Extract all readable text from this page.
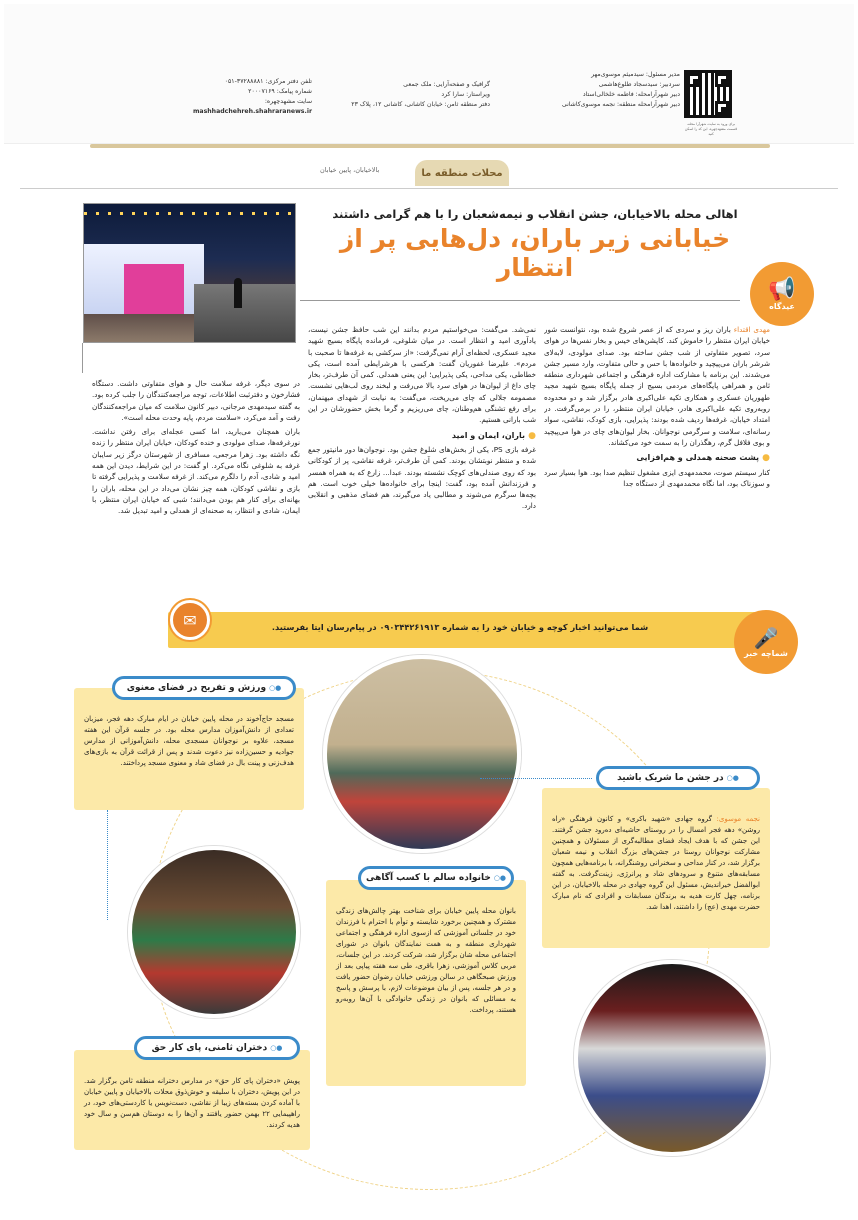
برای ورود به سایت شهرآرا محله، قسمت مشهد‌چهره، این کد را اسکن کنید
مدیر مسئول: سیدمیثم موسوی‌مهر
سردبیر: سیدسجاد طلوع‌هاشمی
دبیر شهرآرامحله: فاطمه خلخالی‌استاد
دبیر شهرآرامحله منطقه: نجمه موسوی‌کاشانی
گرافیک و صفحه‌آرایی: ملک جمعی
ویراستار: سارا کرد
دفتر منطقه ثامن: خیابان کاشانی، کاشانی ۱۲، پلاک ۲۳
تلفن دفتر مرکزی: ۳۷۲۸۸۸۸۱-۰۵۱
شماره پیامک: ۲۰۰۰۷۱۶۹
سایت مشهد‌چهره:
mashhadchehreh.shahraranews.ir
محلات منطقه ما
بالاخیابان، پایین خیابان
اهالی محله بالاخیابان، جشن انقلاب و نیمه‌شعبان را با هم گرامی داشتند
خیابانی زیر باران، دل‌هایی پر از انتظار
📢
عیدگاه
مهدی اقتداء باران ریز و سردی که از عصر شروع شده بود، نتوانست شور خیابان ایران منتظر را خاموش کند. کاپشن‌های خیس و بخار نفس‌ها در هوای سرد، تصویر متفاوتی از شب جشن ساخته بود. صدای مولودی، لابه‌لای شرشر باران می‌پیچید و خانواده‌ها با حس و حالی متفاوت، وارد مسیر جشن می‌شدند. این برنامه با مشارکت اداره فرهنگی و اجتماعی شهرداری منطقه ثامن و همراهی پایگاه‌های مردمی بسیج از جمله پایگاه بسیج شهید مجید طهوریان عسکری و همکاری تکیه علی‌اکبری هادر برگزار شد و دو محدوده روبه‌روی تکیه علی‌اکبری هادر، خیابان ایران منتظر، را در برمی‌گرفت. در امتداد خیابان، غرفه‌ها ردیف شده بودند: پذیرایی، بازی کودک، نقاشی، سواد رسانه‌ای، سلامت و سرگرمی نوجوانان. بخار لیوان‌های چای در هوا می‌پیچید و بوی فلافل گرم، رهگذران را به سمت خود می‌کشاند.
● پشت صحنه همدلی و هم‌افزایی
کنار سیستم صوت، محمدمهدی ایزی مشغول تنظیم صدا بود. هوا بسیار سرد و سوزناک بود، اما نگاه محمدمهدی از دستگاه جدا
نمی‌شد. می‌گفت: می‌خواستیم مردم بدانند این شب حافظ جشن نیست، یادآوری امید و انتظار است. در میان شلوغی، فرمانده پایگاه بسیج شهید مجید عسکری، لحظه‌ای آرام نمی‌گرفت: «از سرکشی به غرفه‌ها تا صحبت با مردم». علیرضا غفوریان گفت: هرکسی با هرشرایطی آمده است، یکی خطاطی، یکی مداحی، یکی پذیرایی؛ این یعنی همدلی. کمی آن طرف‌تر، بخار چای داغ از لیوان‌ها در هوای سرد بالا می‌رفت و لبخند روی لب‌هایی نشست. مصمومه جلالی که چای می‌ریخت، می‌گفت: به نیابت از شهدای میهنمان، برای رفع تشنگی هم‌وطنان، چای می‌ریزیم و گرما بخش حضورشان در این شب بارانی هستیم.
● باران، ایمان و امید
غرفه بازی PS، یکی از بخش‌های شلوغ جشن بود. نوجوان‌ها دور مانیتور جمع شده و منتظر نوبتشان بودند. کمی آن طرف‌تر، غرفه نقاشی، پر از کودکانی بود که روی صندلی‌های کوچک نشسته بودند. عبدا... زارع که به همراه همسر و فرزندانش آمده بود، گفت: اینجا برای خانواده‌ها خیلی خوب است. هم بچه‌ها سرگرم می‌شوند و مطالبی یاد می‌گیرند، هم فضای مذهبی و انقلابی دارد.
در سوی دیگر، غرفه سلامت حال و هوای متفاوتی داشت. دستگاه فشارخون و دفترثبت اطلاعات، توجه مراجعه‌کنندگان را جلب کرده بود. به گفته سیدمهدی مرجانی، دبیر کانون سلامت که میان مراجعه‌کنندگان رفت و آمد می‌کرد، «سلامت مردم، پایه وحدت محله است».
باران همچنان می‌بارید، اما کسی عجله‌ای برای رفتن نداشت. نورغرفه‌ها، صدای مولودی و خنده کودکان، خیابان ایران منتظر را زنده نگه داشته بود. زهرا مرجعی، مسافری از شهرستان درگز زیر سایبان غرفه به شلوغی نگاه می‌کرد. او گفت: در این شرایط، دیدن این همه امید و شادی، آدم را دلگرم می‌کند. از غرفه سلامت و پذیرایی گرفته تا بازی و نقاشی کودکان، همه چیز نشان می‌داد در این محله، باران را بهانه‌ای برای کنار هم بودن می‌دانند؛ شبی که خیابان ایران منتظر، با ایمان، شادی و انتظار، به صحنه‌ای از همدلی و امید تبدیل شد.
شما می‌توانید اخبار کوچه و خیابان خود را به شماره ۰۹۰۳۴۴۲۶۱۹۱۳ در پیام‌رسان ایتا بفرستید.
✉
🎤
شماچه خبر
مسجد حاج‌آخوند در محله پایین خیابان در ایام مبارک دهه فجر، میزبان تعدادی از دانش‌آموزان مدارس محله بود. در جلسه قرآن این هفته مسجد، علاوه بر نوجوانان مسجدی محله، دانش‌آموزانی از مدارس جوادیه و حسین‌زاده نیز دعوت شدند و پس از قرائت قرآن به بازی‌های هدف‌زنی و پینت بال در فضای شاد و معنوی مسجد پرداختند.
●○ ورزش و تفریح در فضای معنوی
بانوان محله پایین خیابان برای شناخت بهتر چالش‌های زندگی مشترک و همچنین برخورد شایسته و توأم با احترام با فرزندان خود در جلساتی آموزشی که ازسوی اداره فرهنگی و اجتماعی شهرداری منطقه و به همت نمایندگان بانوان در شورای اجتماعی محله شان برگزار شد، شرکت کردند. در این جلسات، مربی کلاس آموزشی، زهرا باقری، طی سه هفته پیاپی بعد از ورزش صبحگاهی در سالن ورزشی خیابان رضوان حضور یافت و در هر جلسه، پس از بیان موضوعات لازم، با پرسش و پاسخ به مسائلی که بانوان در زندگی خانوادگی با آن‌ها روبه‌رو هستند، پرداخت.
●○ خانواده سالم با کسب آگاهی
پویش «دختران پای کار حق» در مدارس دخترانه منطقه ثامن برگزار شد. در این پویش، دختران با سلیقه و خوش‌ذوق محلات بالاخیابان و پایین خیابان با آماده کردن بسته‌های زیبا از نقاشی، دست‌نویس یا کاردستی‌های خود، در راهپیمایی ۲۲ بهمن حضور یافتند و آن‌ها را به دوستان هم‌سن و سال خود هدیه کردند.
●○ دختران ثامنی، پای کار حق
نجمه موسوی: گروه جهادی «شهید باکری» و کانون فرهنگی «راه روشن» دهه فجر امسال را در روستای حاشیه‌ای ده‌رود جشن گرفتند. این جشن که با هدف ایجاد فضای مطالبه‌گری از مسئولان و همچنین مشارکت نوجوانان روستا در جشن‌های بزرگ انقلاب و نیمه شعبان برگزار شد، در کنار مداحی و سخنرانی روشنگرانه، با برنامه‌هایی همچون مسابقه‌های متنوع و سرودهای شاد و پرانرژی، زینت‌گرفت. به گفته ابوالفضل خیراندیش، مسئول این گروه جهادی در محله بالاخیابان، در این برنامه، چهل کارت هدیه به برندگان مسابقات و افرادی که نام مبارک حضرت مهدی (عج) را داشتند، اهدا شد.
●○ در جشن ما شریک باشید
